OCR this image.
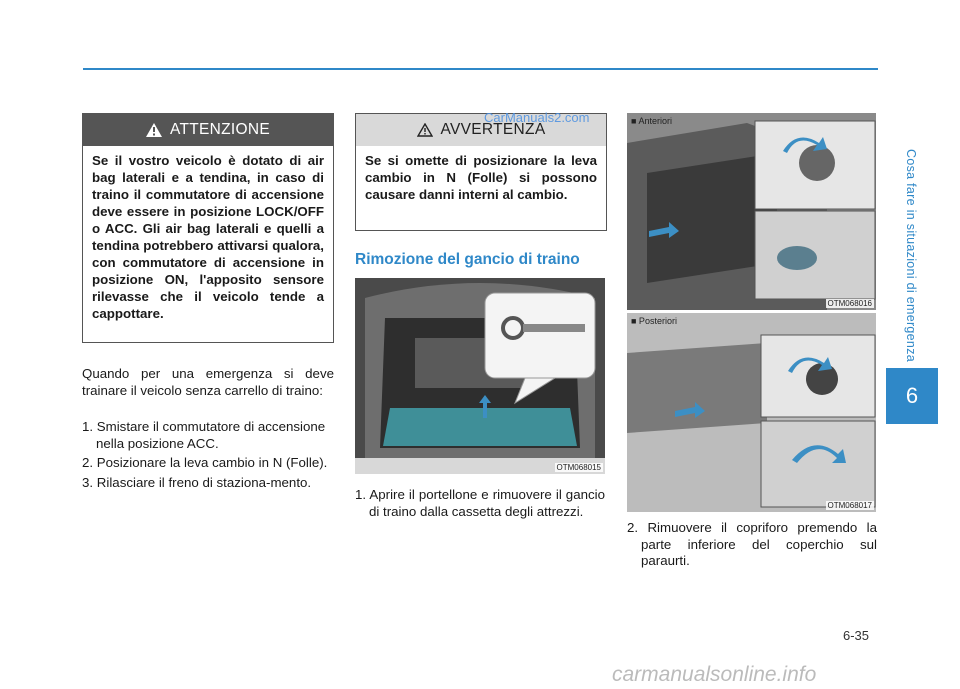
Cosa fare in situazioni di emergenza
6
6-35
ATTENZIONE
Se il vostro veicolo è dotato di air bag laterali e a tendina, in caso di traino il commutatore di accensione deve essere in posizione LOCK/OFF o ACC. Gli air bag laterali e quelli a tendina potrebbero attivarsi qualora, con commutatore di accensione in posizione ON, l'apposito sensore rilevasse che il veicolo tende a cappottare.
Quando per una emergenza si deve trainare il veicolo senza carrello di traino:
1. Smistare il commutatore di accensione nella posizione ACC.
2. Posizionare la leva cambio in N (Folle).
3. Rilasciare il freno di staziona-mento.
AVVERTENZA
Se si omette di posizionare la leva cambio in N (Folle) si possono causare danni interni al cambio.
CarManuals2.com
Rimozione del gancio di traino
OTM068015
1. Aprire il portellone e rimuovere il gancio di traino dalla cassetta degli attrezzi.
■ Anteriori
OTM068016
■ Posteriori
OTM068017
2. Rimuovere il copriforo premendo la parte inferiore del coperchio sul paraurti.
carmanualsonline.info
